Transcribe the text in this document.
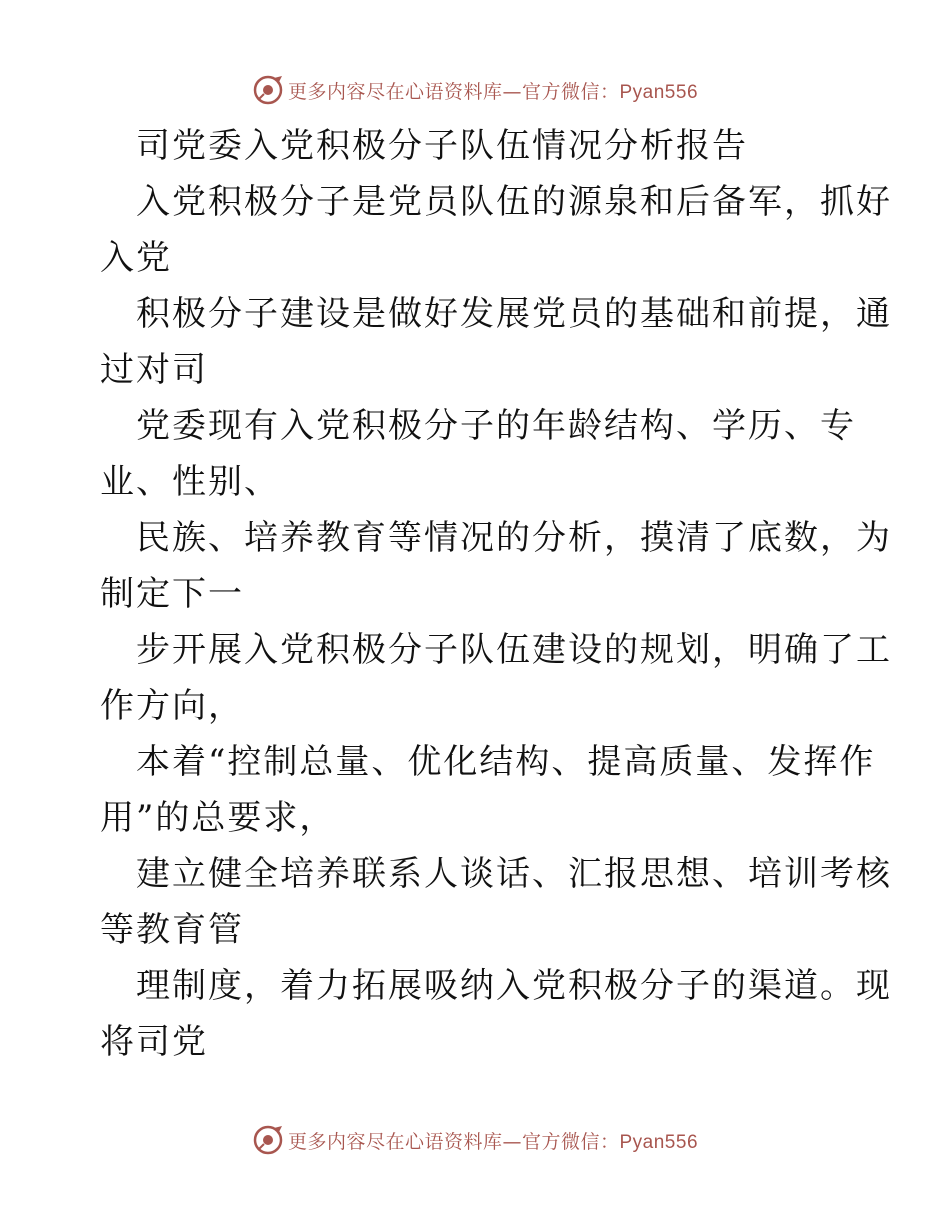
更多内容尽在心语资料库—官方微信：Pyan556

司党委入党积极分子队伍情况分析报告

入党积极分子是党员队伍的源泉和后备军，抓好

入党

积极分子建设是做好发展党员的基础和前提，通

过对司

党委现有入党积极分子的年龄结构、学历、专

业、性别、

民族、培养教育等情况的分析，摸清了底数，为

制定下一

步开展入党积极分子队伍建设的规划，明确了工

作方向，

本着“控制总量、优化结构、提高质量、发挥作

用”的总要求，

建立健全培养联系人谈话、汇报思想、培训考核

等教育管

理制度，着力拓展吸纳入党积极分子的渠道。现

将司党

更多内容尽在心语资料库—官方微信：Pyan556
